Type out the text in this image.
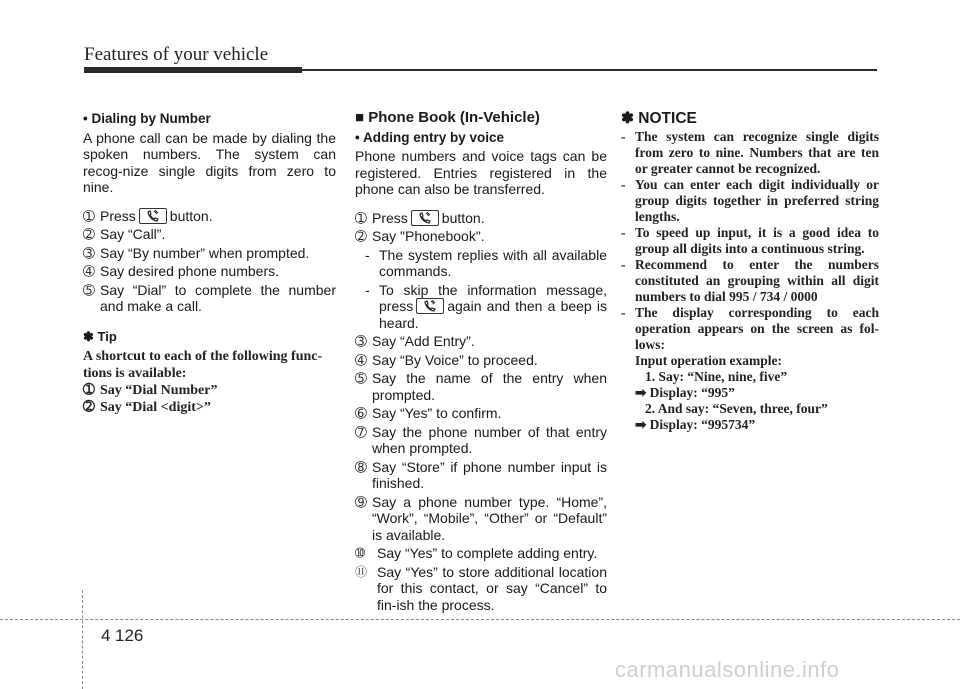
Features of your vehicle
• Dialing by Number

A phone call can be made by dialing the spoken numbers. The system can recog-nize single digits from zero to nine.

➀ Press button.
➁ Say “Call”.
➂ Say “By number” when prompted.
➃ Say desired phone numbers.
➄ Say “Dial” to complete the number and make a call.
✽ Tip
A shortcut to each of the following func-tions is available:
➀ Say “Dial Number”
➁ Say “Dial <digit>”
■ Phone Book (In-Vehicle)
• Adding entry by voice

Phone numbers and voice tags can be registered. Entries registered in the phone can also be transferred.

➀ Press button.
➁ Say "Phonebook".
- The system replies with all available commands.
- To skip the information message, press again and then a beep is heard.
➂ Say “Add Entry”.
➃ Say “By Voice” to proceed.
➄ Say the name of the entry when prompted.
➅ Say “Yes” to confirm.
➆ Say the phone number of that entry when prompted.
➇ Say “Store” if phone number input is finished.
➈ Say a phone number type. “Home”, “Work”, “Mobile”, “Other” or “Default” is available.
➉ Say “Yes” to complete adding entry.
⑪ Say “Yes” to store additional location for this contact, or say “Cancel” to fin-ish the process.
✽ NOTICE
- The system can recognize single digits from zero to nine. Numbers that are ten or greater cannot be recognized.
- You can enter each digit individually or group digits together in preferred string lengths.
- To speed up input, it is a good idea to group all digits into a continuous string.
- Recommend to enter the numbers constituted an grouping within all digit numbers to dial 995 / 734 / 0000
- The display corresponding to each operation appears on the screen as fol-lows:
Input operation example:
1. Say: “Nine, nine, five”
➡ Display: “995”
2. And say: “Seven, three, four”
➡ Display: “995734”
4 126
carmanualsonline.info
